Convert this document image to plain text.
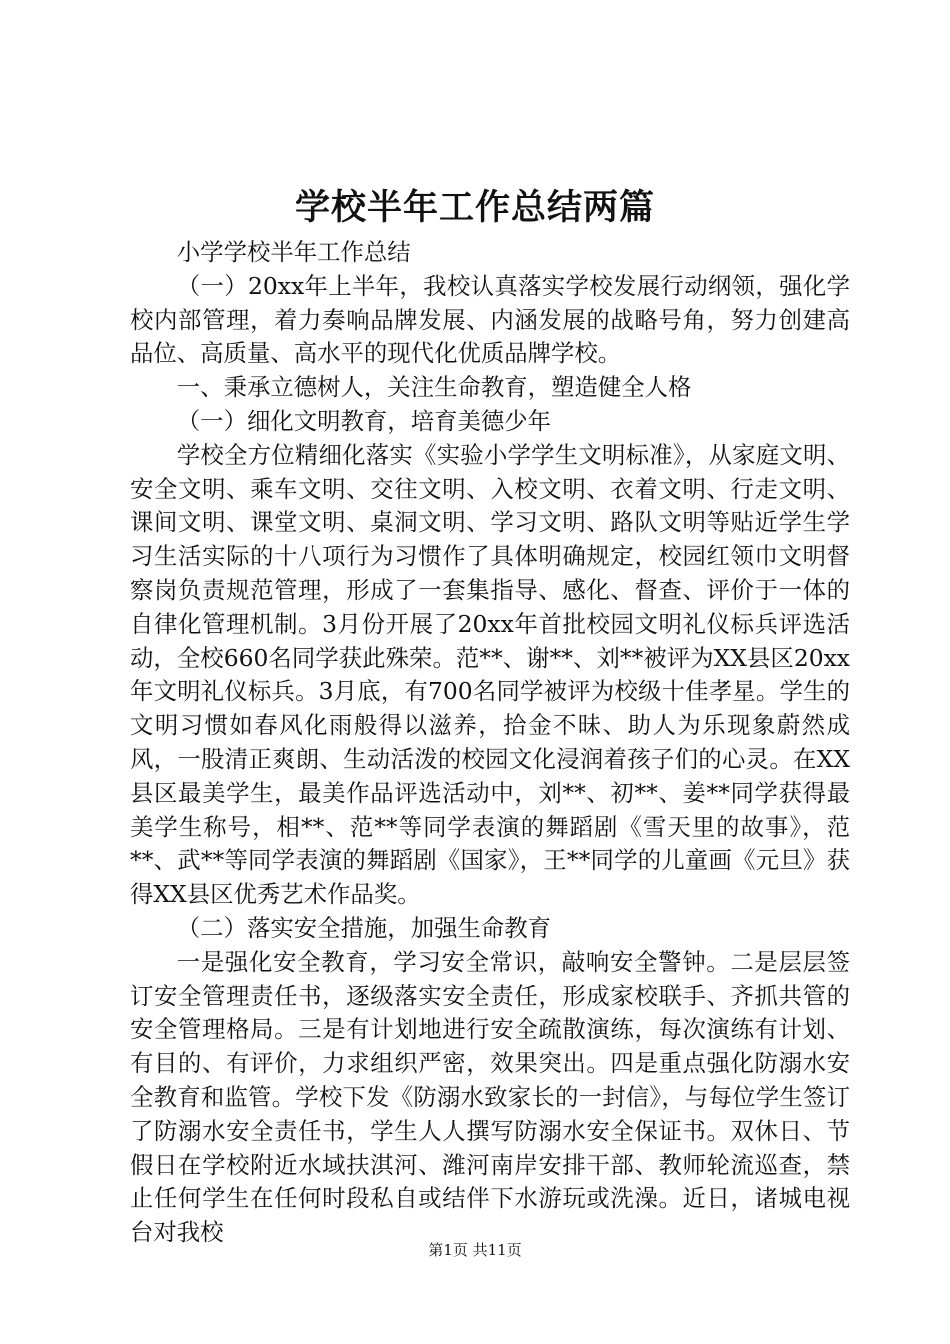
学校半年工作总结两篇

小学学校半年工作总结

（一）20xx年上半年，我校认真落实学校发展行动纲领，强化学校内部管理，着力奏响品牌发展、内涵发展的战略号角，努力创建高品位、高质量、高水平的现代化优质品牌学校。

一、秉承立德树人，关注生命教育，塑造健全人格

（一）细化文明教育，培育美德少年

学校全方位精细化落实《实验小学学生文明标准》，从家庭文明、安全文明、乘车文明、交往文明、入校文明、衣着文明、行走文明、课间文明、课堂文明、桌洞文明、学习文明、路队文明等贴近学生学习生活实际的十八项行为习惯作了具体明确规定，校园红领巾文明督察岗负责规范管理，形成了一套集指导、感化、督查、评价于一体的自律化管理机制。3月份开展了20xx年首批校园文明礼仪标兵评选活动，全校660名同学获此殊荣。范**、谢**、刘**被评为XX县区20xx年文明礼仪标兵。3月底，有700名同学被评为校级十佳孝星。学生的文明习惯如春风化雨般得以滋养，拾金不昧、助人为乐现象蔚然成风，一股清正爽朗、生动活泼的校园文化浸润着孩子们的心灵。在XX县区最美学生，最美作品评选活动中，刘**、初**、姜**同学获得最美学生称号，相**、范**等同学表演的舞蹈剧《雪天里的故事》，范**、武**等同学表演的舞蹈剧《国家》，王**同学的儿童画《元旦》获得XX县区优秀艺术作品奖。

（二）落实安全措施，加强生命教育

一是强化安全教育，学习安全常识，敲响安全警钟。二是层层签订安全管理责任书，逐级落实安全责任，形成家校联手、齐抓共管的安全管理格局。三是有计划地进行安全疏散演练，每次演练有计划、有目的、有评价，力求组织严密，效果突出。四是重点强化防溺水安全教育和监管。学校下发《防溺水致家长的一封信》，与每位学生签订了防溺水安全责任书，学生人人撰写防溺水安全保证书。双休日、节假日在学校附近水域扶淇河、潍河南岸安排干部、教师轮流巡查，禁止任何学生在任何时段私自或结伴下水游玩或洗澡。近日，诸城电视台对我校

第1页 共11页
